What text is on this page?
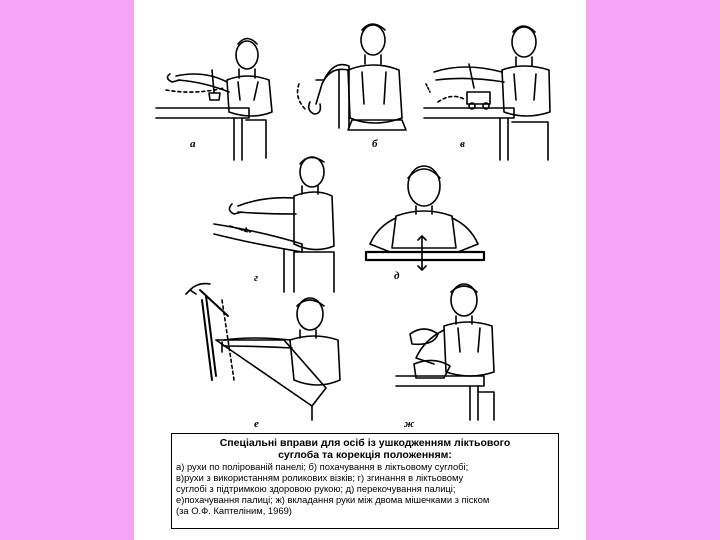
а	б	в
г	д
е	ж
Спеціальні вправи для осіб із ушкодженням ліктьового
суглоба та корекція положенням:
а) рухи по полірованій панелі; б) похачування в ліктьовому суглобі;
в)рухи з використанням роликових візків; г) згинання в ліктьовому
суглобі з підтримкою здоровою рукою; д) перекочування палиці;
е)похачування палиці; ж) вкладання руки між двома мішечками з піском
(за О.Ф. Каптеліним, 1969)
